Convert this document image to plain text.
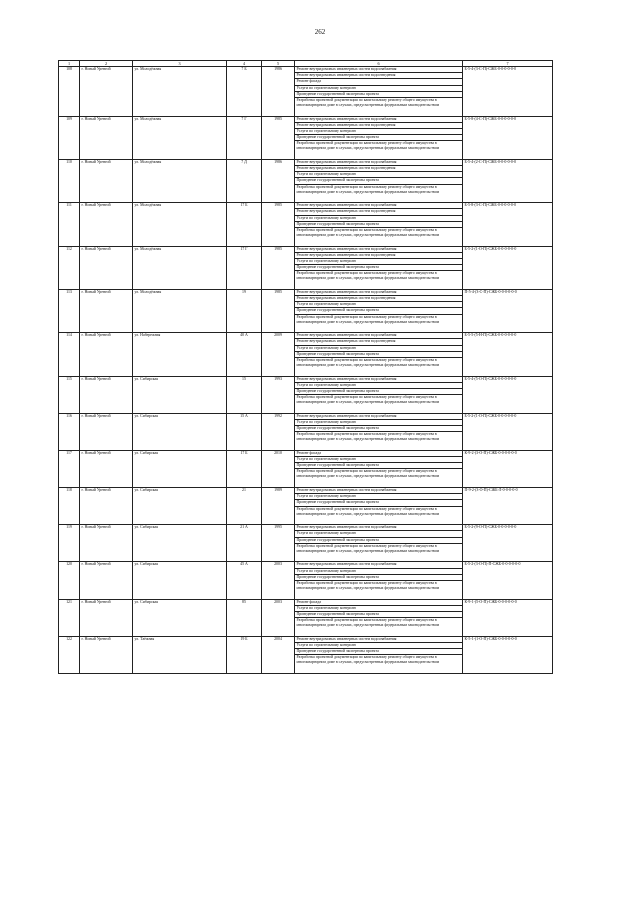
262
1	2	3	4	5	6	7
108	г. Новый Уренгой	ул. Молодёжная	7 Б	1986	Ремонт внутридомовых инженерных систем водоснабжения	Б-5-4-(3-С-П)-СЖБ-0-0-0-0-0-0
					Ремонт внутридомовых инженерных систем водоотведения	
					Ремонт фасада	
					Услуги по строительному контролю	
					Проведение государственной экспертизы проекта	
					Разработка проектной документации по капитальному ремонту общего имущества в многоквартирном доме в случаях, предусмотренных федеральным законодательством	
109	г. Новый Уренгой	ул. Молодёжная	7 Г	1985	Ремонт внутридомовых инженерных систем водоснабжения	Б-5-8-(4-С-П)-СЖБ-0-0-0-0-0-0
					Ремонт внутридомовых инженерных систем водоотведения	
					Услуги по строительному контролю	
					Проведение государственной экспертизы проекта	
					Разработка проектной документации по капитальному ремонту общего имущества в многоквартирном доме в случаях, предусмотренных федеральным законодательством	
110	г. Новый Уренгой	ул. Молодёжная	7 Д	1986	Ремонт внутридомовых инженерных систем водоснабжения	Б-5-4-(2-С-П)-СЖБ-0-0-0-0-0-0
					Ремонт внутридомовых инженерных систем водоотведения	
					Услуги по строительному контролю	
					Проведение государственной экспертизы проекта	
					Разработка проектной документации по капитальному ремонту общего имущества в многоквартирном доме в случаях, предусмотренных федеральным законодательством	
111	г. Новый Уренгой	ул. Молодёжная	17 Б	1985	Ремонт внутридомовых инженерных систем водоснабжения	Б-5-8-(3-С-П)-СЖБ-0-0-0-0-0-0
					Ремонт внутридомовых инженерных систем водоотведения	
					Услуги по строительному контролю	
					Проведение государственной экспертизы проекта	
					Разработка проектной документации по капитальному ремонту общего имущества в многоквартирном доме в случаях, предусмотренных федеральным законодательством	
112	г. Новый Уренгой	ул. Молодёжная	17 Г	1985	Ремонт внутридомовых инженерных систем водоснабжения	Б-5-2-(1-О-П)-СЖБ-0-0-0-0-0-0
					Ремонт внутридомовых инженерных систем водоотведения	
					Услуги по строительному контролю	
					Проведение государственной экспертизы проекта	
					Разработка проектной документации по капитальному ремонту общего имущества в многоквартирном доме в случаях, предусмотренных федеральным законодательством	
113	г. Новый Уренгой	ул. Молодёжная	19	1985	Ремонт внутридомовых инженерных систем водоснабжения	П-5-4-(3-С-П)-СЖБ-0-0-0-0-0-0
					Ремонт внутридомовых инженерных систем водоотведения	
					Услуги по строительному контролю	
					Проведение государственной экспертизы проекта	
					Разработка проектной документации по капитальному ремонту общего имущества в многоквартирном доме в случаях, предусмотренных федеральным законодательством	
114	г. Новый Уренгой	ул. Набережная	40 А	2009	Ремонт внутридомовых инженерных систем водоснабжения	Б-5-5-(5-Н-П)-СЖБ-0-0-0-0-0-0
					Ремонт внутридомовых инженерных систем водоотведения	
					Услуги по строительному контролю	
					Проведение государственной экспертизы проекта	
					Разработка проектной документации по капитальному ремонту общего имущества в многоквартирном доме в случаях, предусмотренных федеральным законодательством	
115	г. Новый Уренгой	ул. Сибирская	15	1993	Ремонт внутридомовых инженерных систем водоснабжения	Б-5-4-(5-О-П)-СЖБ-0-0-0-0-0-0
					Услуги по строительному контролю	
					Проведение государственной экспертизы проекта	
					Разработка проектной документации по капитальному ремонту общего имущества в многоквартирном доме в случаях, предусмотренных федеральным законодательством	
116	г. Новый Уренгой	ул. Сибирская	15 А	1992	Ремонт внутридомовых инженерных систем водоснабжения	Б-5-2-(1-О-П)-СЖБ-0-0-0-0-0-0
					Услуги по строительному контролю	
					Проведение государственной экспертизы проекта	
					Разработка проектной документации по капитальному ремонту общего имущества в многоквартирном доме в случаях, предусмотренных федеральным законодательством	
117	г. Новый Уренгой	ул. Сибирская	17 Б	2010	Ремонт фасада	К-9-2-(3-О-П)-СЖБ-0-0-0-0-0-0
					Услуги по строительному контролю	
					Проведение государственной экспертизы проекта	
					Разработка проектной документации по капитальному ремонту общего имущества в многоквартирном доме в случаях, предусмотренных федеральным законодательством	
118	г. Новый Уренгой	ул. Сибирская	21	1989	Ремонт внутридомовых инженерных систем водоснабжения	П-9-2-(3-О-П)-СЖБ-Л-0-0-0-0-0
					Услуги по строительному контролю	
					Проведение государственной экспертизы проекта	
					Разработка проектной документации по капитальному ремонту общего имущества в многоквартирном доме в случаях, предусмотренных федеральным законодательством	
119	г. Новый Уренгой	ул. Сибирская	21 А	1995	Ремонт внутридомовых инженерных систем водоснабжения	Б-5-2-(9-О-П)-СЖБ-0-0-0-0-0-0
					Услуги по строительному контролю	
					Проведение государственной экспертизы проекта	
					Разработка проектной документации по капитальному ремонту общего имущества в многоквартирном доме в случаях, предусмотренных федеральным законодательством	
120	г. Новый Уренгой	ул. Сибирская	45 А	2003	Ремонт внутридомовых инженерных систем водоснабжения	Б-5-2-(3-О-П)-П-СЖБ-0-0-0-0-0-0
					Услуги по строительному контролю	
					Проведение государственной экспертизы проекта	
					Разработка проектной документации по капитальному ремонту общего имущества в многоквартирном доме в случаях, предусмотренных федеральным законодательством	
121	г. Новый Уренгой	ул. Сибирская	85	2003	Ремонт фасада	К-9-1-(5-О-П)-СЖБ-0-0-0-0-0-0
					Услуги по строительному контролю	
					Проведение государственной экспертизы проекта	
					Разработка проектной документации по капитальному ремонту общего имущества в многоквартирном доме в случаях, предусмотренных федеральным законодательством	
122	г. Новый Уренгой	ул. Таёжная	19 Б	2004	Ремонт внутридомовых инженерных систем водоснабжения	К-5-1-(1-О-П)-СЖБ-0-0-0-0-0-0
					Услуги по строительному контролю	
					Проведение государственной экспертизы проекта	
					Разработка проектной документации по капитальному ремонту общего имущества в многоквартирном доме в случаях, предусмотренных федеральным законодательством	
